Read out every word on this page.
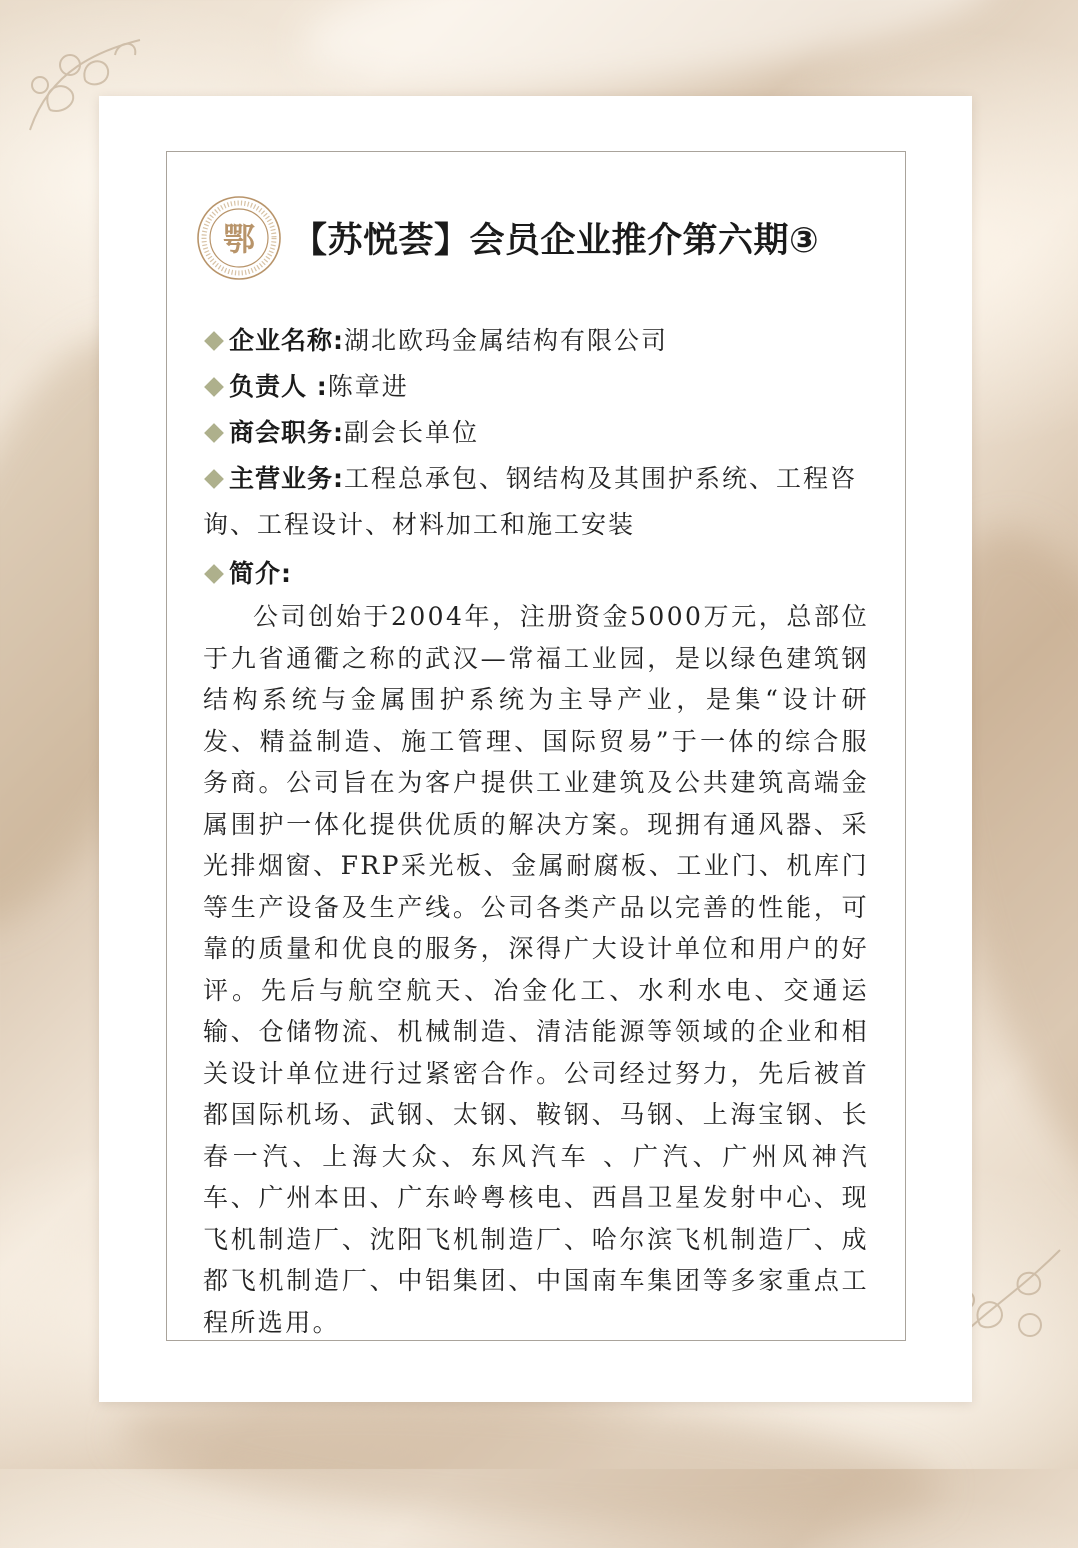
鄂 【苏悦荟】会员企业推介第六期③
企业名称:湖北欧玛金属结构有限公司
负责人 :陈章进
商会职务:副会长单位
主营业务:工程总承包、钢结构及其围护系统、工程咨询、工程设计、材料加工和施工安装
简介:

公司创始于2004年，注册资金5000万元，总部位于九省通衢之称的武汉—常福工业园，是以绿色建筑钢结构系统与金属围护系统为主导产业，是集“设计研发、精益制造、施工管理、国际贸易”于一体的综合服务商。公司旨在为客户提供工业建筑及公共建筑高端金属围护一体化提供优质的解决方案。现拥有通风器、采光排烟窗、FRP采光板、金属耐腐板、工业门、机库门等生产设备及生产线。公司各类产品以完善的性能，可靠的质量和优良的服务，深得广大设计单位和用户的好评。先后与航空航天、冶金化工、水利水电、交通运输、仓储物流、机械制造、清洁能源等领域的企业和相关设计单位进行过紧密合作。公司经过努力，先后被首都国际机场、武钢、太钢、鞍钢、马钢、上海宝钢、长春一汽、上海大众、东风汽车 、广汽、广州风神汽车、广州本田、广东岭粤核电、西昌卫星发射中心、现飞机制造厂、沈阳飞机制造厂、哈尔滨飞机制造厂、成都飞机制造厂、中铝集团、中国南车集团等多家重点工程所选用。
